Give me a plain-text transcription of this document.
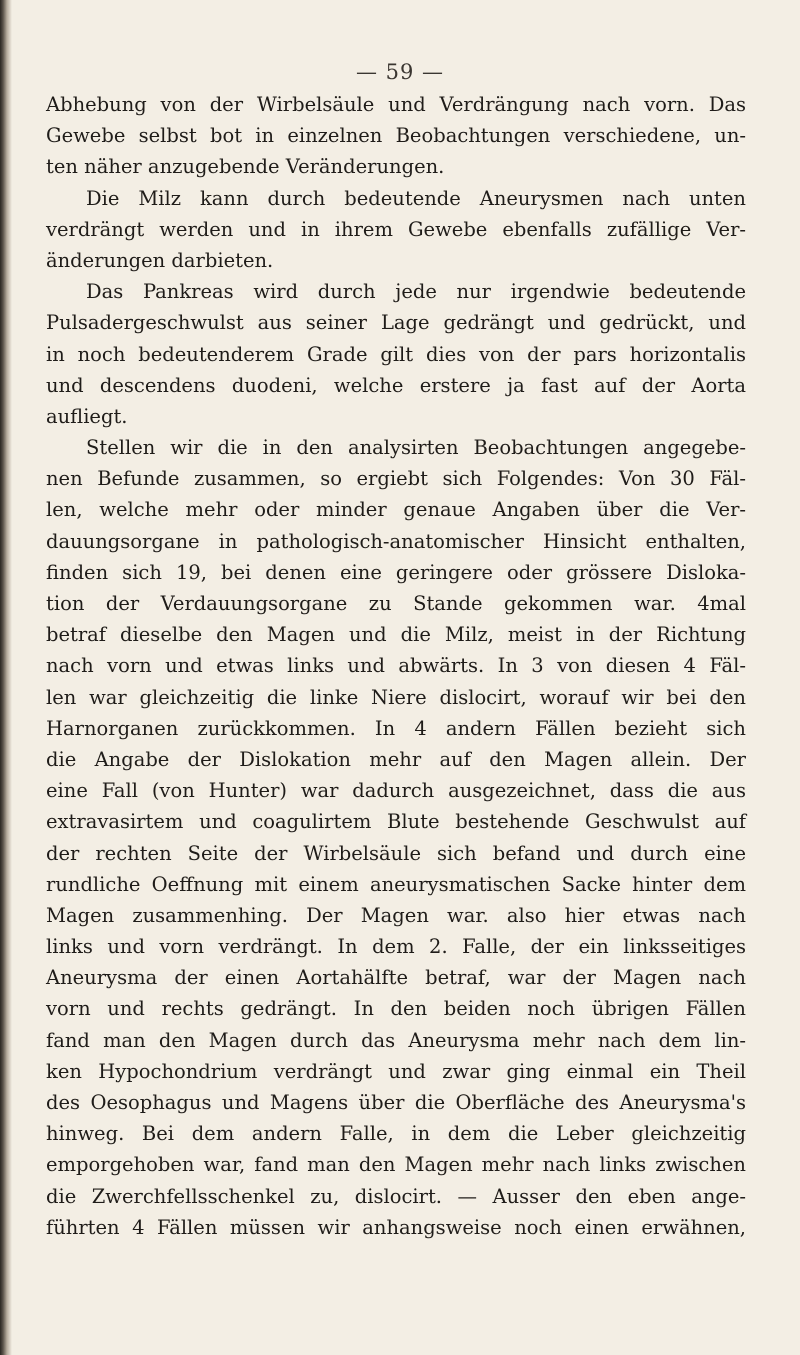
— 59 —
Abhebung von der Wirbelsäule und Verdrängung nach vorn. Das
Gewebe selbst bot in einzelnen Beobachtungen verschiedene, un-
ten näher anzugebende Veränderungen.
Die Milz kann durch bedeutende Aneurysmen nach unten
verdrängt werden und in ihrem Gewebe ebenfalls zufällige Ver-
änderungen darbieten.
Das Pankreas wird durch jede nur irgendwie bedeutende
Pulsadergeschwulst aus seiner Lage gedrängt und gedrückt, und
in noch bedeutenderem Grade gilt dies von der pars horizontalis
und descendens duodeni, welche erstere ja fast auf der Aorta
aufliegt.
Stellen wir die in den analysirten Beobachtungen angegebe-
nen Befunde zusammen, so ergiebt sich Folgendes: Von 30 Fäl-
len, welche mehr oder minder genaue Angaben über die Ver-
dauungsorgane in pathologisch-anatomischer Hinsicht enthalten,
finden sich 19, bei denen eine geringere oder grössere Disloka-
tion der Verdauungsorgane zu Stande gekommen war. 4mal
betraf dieselbe den Magen und die Milz, meist in der Richtung
nach vorn und etwas links und abwärts. In 3 von diesen 4 Fäl-
len war gleichzeitig die linke Niere dislocirt, worauf wir bei den
Harnorganen zurückkommen. In 4 andern Fällen bezieht sich
die Angabe der Dislokation mehr auf den Magen allein. Der
eine Fall (von Hunter) war dadurch ausgezeichnet, dass die aus
extravasirtem und coagulirtem Blute bestehende Geschwulst auf
der rechten Seite der Wirbelsäule sich befand und durch eine
rundliche Oeffnung mit einem aneurysmatischen Sacke hinter dem
Magen zusammenhing. Der Magen war. also hier etwas nach
links und vorn verdrängt. In dem 2. Falle, der ein linksseitiges
Aneurysma der einen Aortahälfte betraf, war der Magen nach
vorn und rechts gedrängt. In den beiden noch übrigen Fällen
fand man den Magen durch das Aneurysma mehr nach dem lin-
ken Hypochondrium verdrängt und zwar ging einmal ein Theil
des Oesophagus und Magens über die Oberfläche des Aneurysma's
hinweg. Bei dem andern Falle, in dem die Leber gleichzeitig
emporgehoben war, fand man den Magen mehr nach links zwischen
die Zwerchfellsschenkel zu, dislocirt. — Ausser den eben ange-
führten 4 Fällen müssen wir anhangsweise noch einen erwähnen,
